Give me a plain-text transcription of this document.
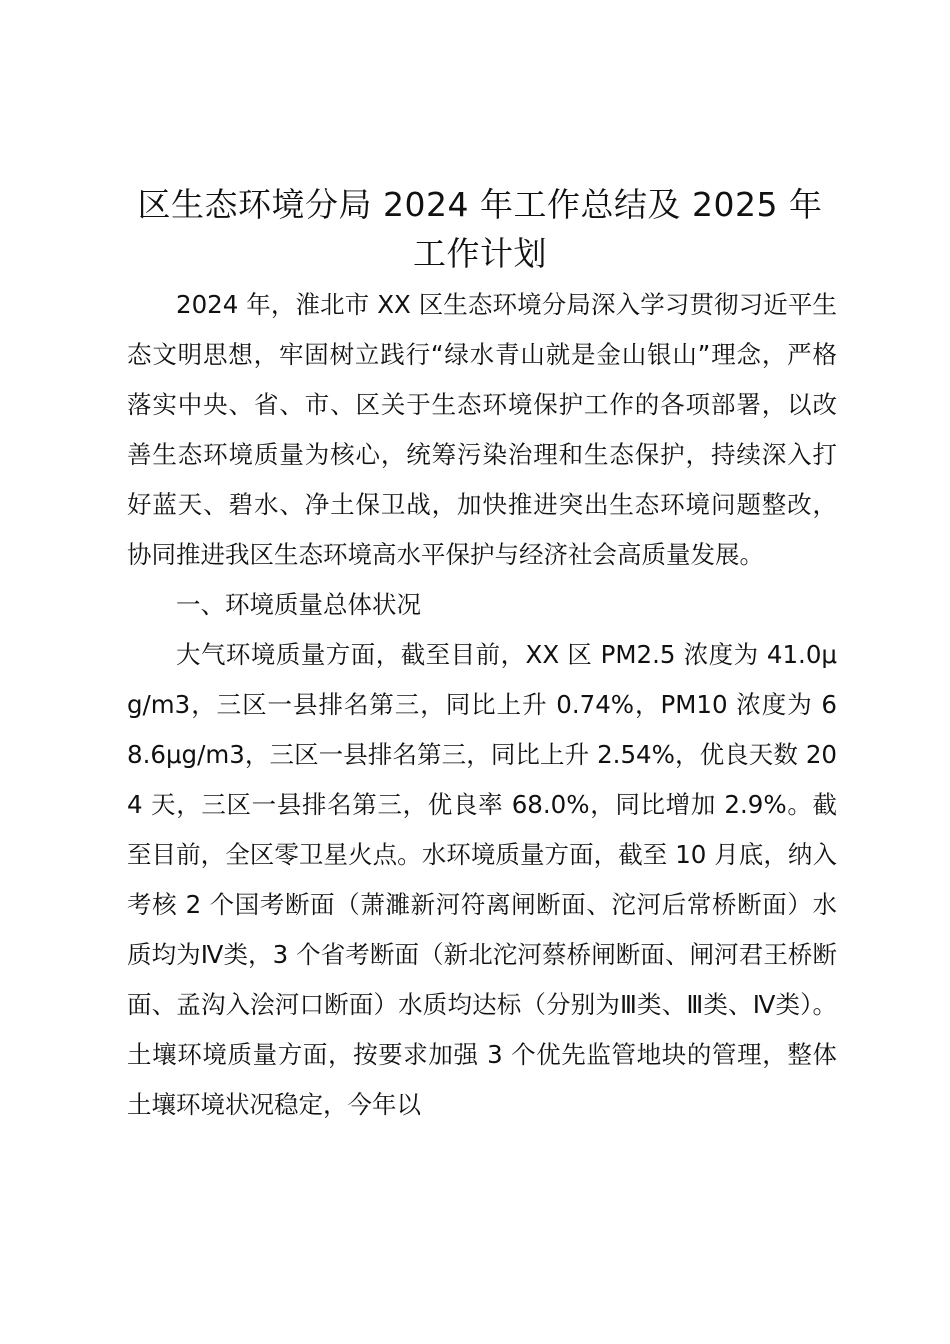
区生态环境分局 2024 年工作总结及 2025 年
工作计划

2024 年，淮北市 XX 区生态环境分局深入学习贯彻习近平生态文明思想，牢固树立践行“绿水青山就是金山银山”理念，严格落实中央、省、市、区关于生态环境保护工作的各项部署，以改善生态环境质量为核心，统筹污染治理和生态保护，持续深入打好蓝天、碧水、净土保卫战，加快推进突出生态环境问题整改，协同推进我区生态环境高水平保护与经济社会高质量发展。

一、环境质量总体状况

大气环境质量方面，截至目前，XX 区 PM2.5 浓度为 41.0μg/m3，三区一县排名第三，同比上升 0.74%，PM10 浓度为 68.6μg/m3，三区一县排名第三，同比上升 2.54%，优良天数 204 天，三区一县排名第三，优良率 68.0%，同比增加 2.9%。截至目前，全区零卫星火点。水环境质量方面，截至 10 月底，纳入考核 2 个国考断面（萧濉新河符离闸断面、沱河后常桥断面）水质均为Ⅳ类，3 个省考断面（新北沱河蔡桥闸断面、闸河君王桥断面、孟沟入浍河口断面）水质均达标（分别为Ⅲ类、Ⅲ类、Ⅳ类）。土壤环境质量方面，按要求加强 3 个优先监管地块的管理，整体土壤环境状况稳定，今年以
